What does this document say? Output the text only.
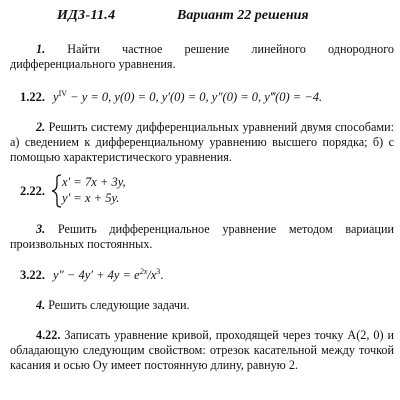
ИДЗ-11.4	Вариант 22 решения

1. Найти частное решение линейного однородного дифференциального уравнения.

1.22. $y^{IV} - y = 0$, y(0) = 0, y′(0) = 0, y″(0) = 0, y‴(0) = −4.

2. Решить систему дифференциальных уравнений двумя способами: а) сведением к дифференциальному уравнению высшего порядка; б) с помощью характеристического уравнения.

2.22.
x′ = 7x + 3y,
y′ = x + 5y.

3. Решить дифференциальное уравнение методом вариации произвольных постоянных.

3.22. $y'' - 4y' + 4y = e^{2x}/x^3$.

4. Решить следующие задачи.

4.22. Записать уравнение кривой, проходящей через точку A(2, 0) и обладающую следующим свойством: отрезок касательной между точкой касания и осью Oy имеет постоянную длину, равную 2.
